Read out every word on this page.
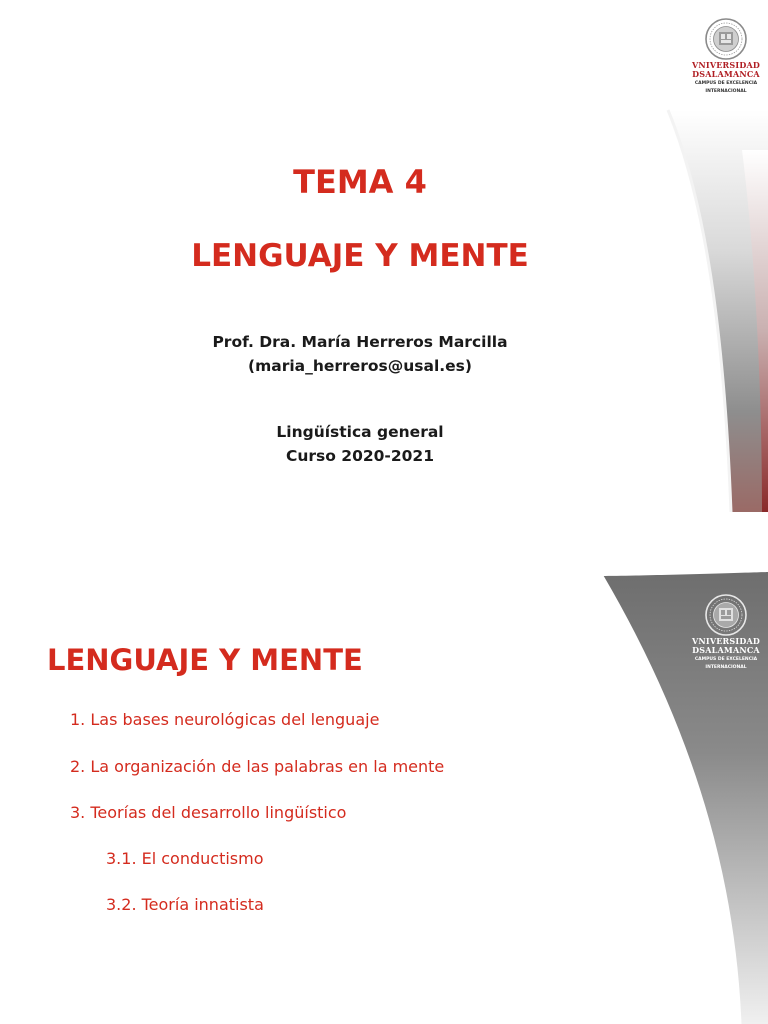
VNIVERSIDAD
DSALAMANCA
CAMPUS DE EXCELENCIA
INTERNACIONAL
TEMA 4
LENGUAJE Y MENTE
Prof. Dra. María Herreros Marcilla
(maria_herreros@usal.es)
Lingüística general
Curso 2020-2021
VNIVERSIDAD
DSALAMANCA
CAMPUS DE EXCELENCIA
INTERNACIONAL
LENGUAJE Y MENTE
1. Las bases neurológicas del lenguaje
2. La organización de las palabras en la mente
3. Teorías del desarrollo lingüístico
3.1. El conductismo
3.2. Teoría innatista
